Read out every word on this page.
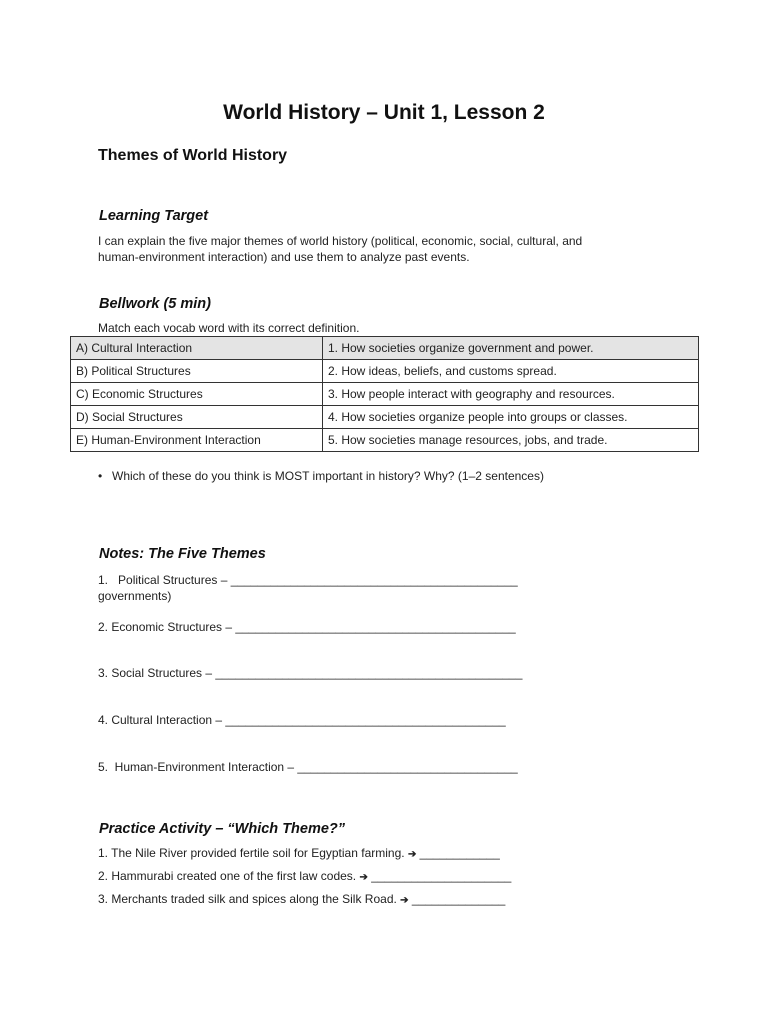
World History – Unit 1, Lesson 2
Themes of World History
Learning Target
I can explain the five major themes of world history (political, economic, social, cultural, and
human-environment interaction) and use them to analyze past events.
Bellwork (5 min)
Match each vocab word with its correct definition.
A) Cultural Interaction	1. How societies organize government and power.
B) Political Structures	2. How ideas, beliefs, and customs spread.
C) Economic Structures	3. How people interact with geography and resources.
D) Social Structures	4. How societies organize people into groups or classes.
E) Human-Environment Interaction	5. How societies manage resources, jobs, and trade.
• Which of these do you think is MOST important in history? Why? (1–2 sentences)
Notes: The Five Themes
1.   Political Structures – ___________________________________________
governments)
2. Economic Structures – __________________________________________
3. Social Structures – ______________________________________________
4. Cultural Interaction – __________________________________________
5.  Human-Environment Interaction – _________________________________
Practice Activity – “Which Theme?”
1. The Nile River provided fertile soil for Egyptian farming. ➔ ____________
2. Hammurabi created one of the first law codes. ➔ _____________________
3. Merchants traded silk and spices along the Silk Road. ➔ ______________
